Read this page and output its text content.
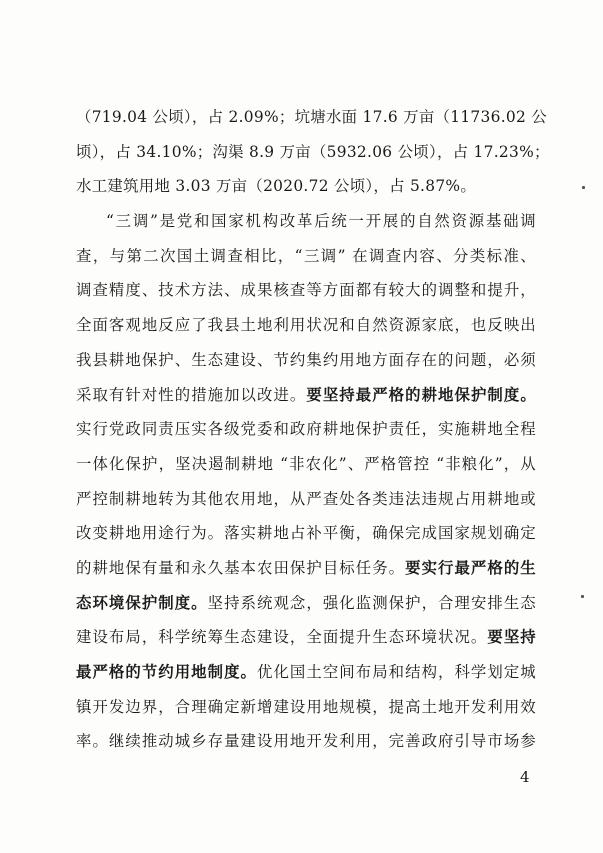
（719.04 公顷），占 2.09%；坑塘水面 17.6 万亩（11736.02 公
顷），占 34.10%；沟渠 8.9 万亩（5932.06 公顷），占 17.23%；
水工建筑用地 3.03 万亩（2020.72 公顷），占 5.87%。
“三调”是党和国家机构改革后统一开展的自然资源基础调
查，与第二次国土调查相比，“三调” 在调查内容、分类标准、
调查精度、技术方法、成果核查等方面都有较大的调整和提升，
全面客观地反应了我县土地利用状况和自然资源家底，也反映出
我县耕地保护、生态建设、节约集约用地方面存在的问题，必须
采取有针对性的措施加以改进。要坚持最严格的耕地保护制度。
实行党政同责压实各级党委和政府耕地保护责任，实施耕地全程
一体化保护，坚决遏制耕地 “非农化”、严格管控 “非粮化”，从
严控制耕地转为其他农用地，从严查处各类违法违规占用耕地或
改变耕地用途行为。落实耕地占补平衡，确保完成国家规划确定
的耕地保有量和永久基本农田保护目标任务。要实行最严格的生
态环境保护制度。坚持系统观念，强化监测保护，合理安排生态
建设布局，科学统筹生态建设，全面提升生态环境状况。要坚持
最严格的节约用地制度。优化国土空间布局和结构，科学划定城
镇开发边界，合理确定新增建设用地规模，提高土地开发利用效
率。继续推动城乡存量建设用地开发利用，完善政府引导市场参
4
